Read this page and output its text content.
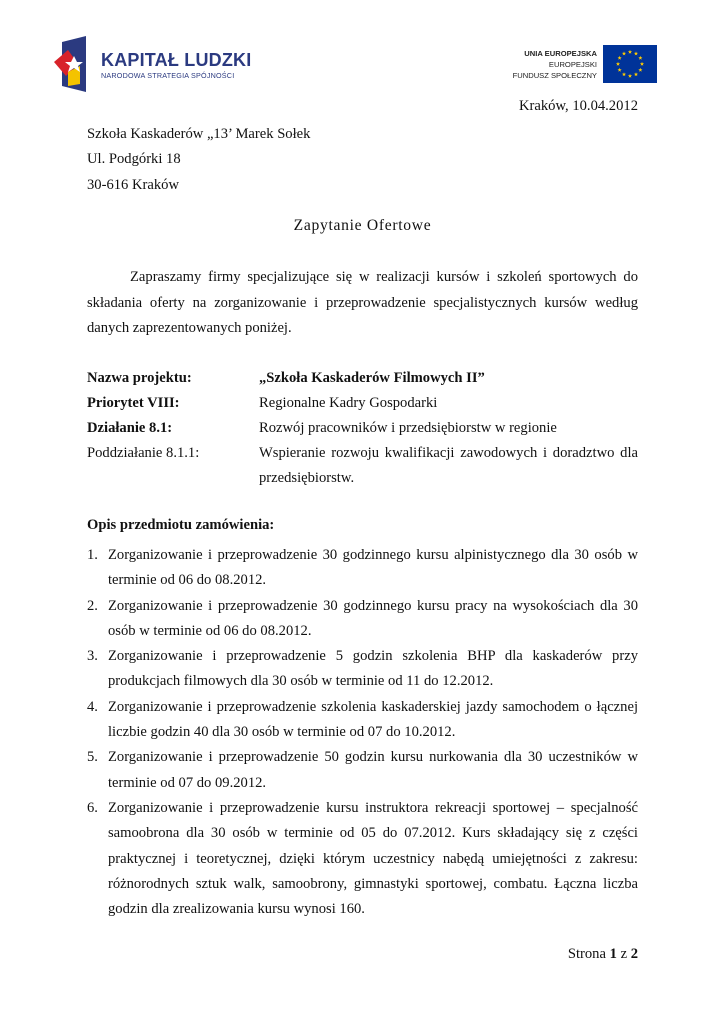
KAPITAŁ LUDZKI
NARODOWA STRATEGIA SPÓJNOŚCI
UNIA EUROPEJSKA
EUROPEJSKI
FUNDUSZ SPOŁECZNY
Kraków, 10.04.2012
Szkoła Kaskaderów „13’ Marek Sołek
Ul. Podgórki 18
30-616 Kraków
Zapytanie Ofertowe
Zapraszamy firmy specjalizujące się w realizacji kursów i szkoleń sportowych do składania oferty na zorganizowanie i przeprowadzenie specjalistycznych kursów według danych zaprezentowanych poniżej.
Nazwa projektu:	„Szkoła Kaskaderów Filmowych II”
Priorytet VIII:	Regionalne Kadry Gospodarki
Działanie 8.1:	Rozwój pracowników i przedsiębiorstw w regionie
Poddziałanie 8.1.1:	Wspieranie rozwoju kwalifikacji zawodowych i doradztwo dla przedsiębiorstw.
Opis przedmiotu zamówienia:
1. Zorganizowanie i przeprowadzenie 30 godzinnego kursu alpinistycznego dla 30 osób w terminie od 06 do 08.2012.
2. Zorganizowanie i przeprowadzenie 30 godzinnego kursu pracy na wysokościach dla 30 osób w terminie od 06 do 08.2012.
3. Zorganizowanie i przeprowadzenie 5 godzin szkolenia BHP dla kaskaderów przy produkcjach filmowych dla 30 osób w terminie od 11 do 12.2012.
4. Zorganizowanie i przeprowadzenie szkolenia kaskaderskiej jazdy samochodem o łącznej liczbie godzin 40 dla 30 osób w terminie od 07 do 10.2012.
5. Zorganizowanie i przeprowadzenie 50 godzin kursu nurkowania dla 30 uczestników w terminie od 07 do 09.2012.
6. Zorganizowanie i przeprowadzenie kursu instruktora rekreacji sportowej – specjalność samoobrona dla 30 osób w terminie od 05 do 07.2012. Kurs składający się z części praktycznej i teoretycznej, dzięki którym uczestnicy nabędą umiejętności z zakresu: różnorodnych sztuk walk, samoobrony, gimnastyki sportowej, combatu. Łączna liczba godzin dla zrealizowania kursu wynosi 160.
Strona 1 z 2
